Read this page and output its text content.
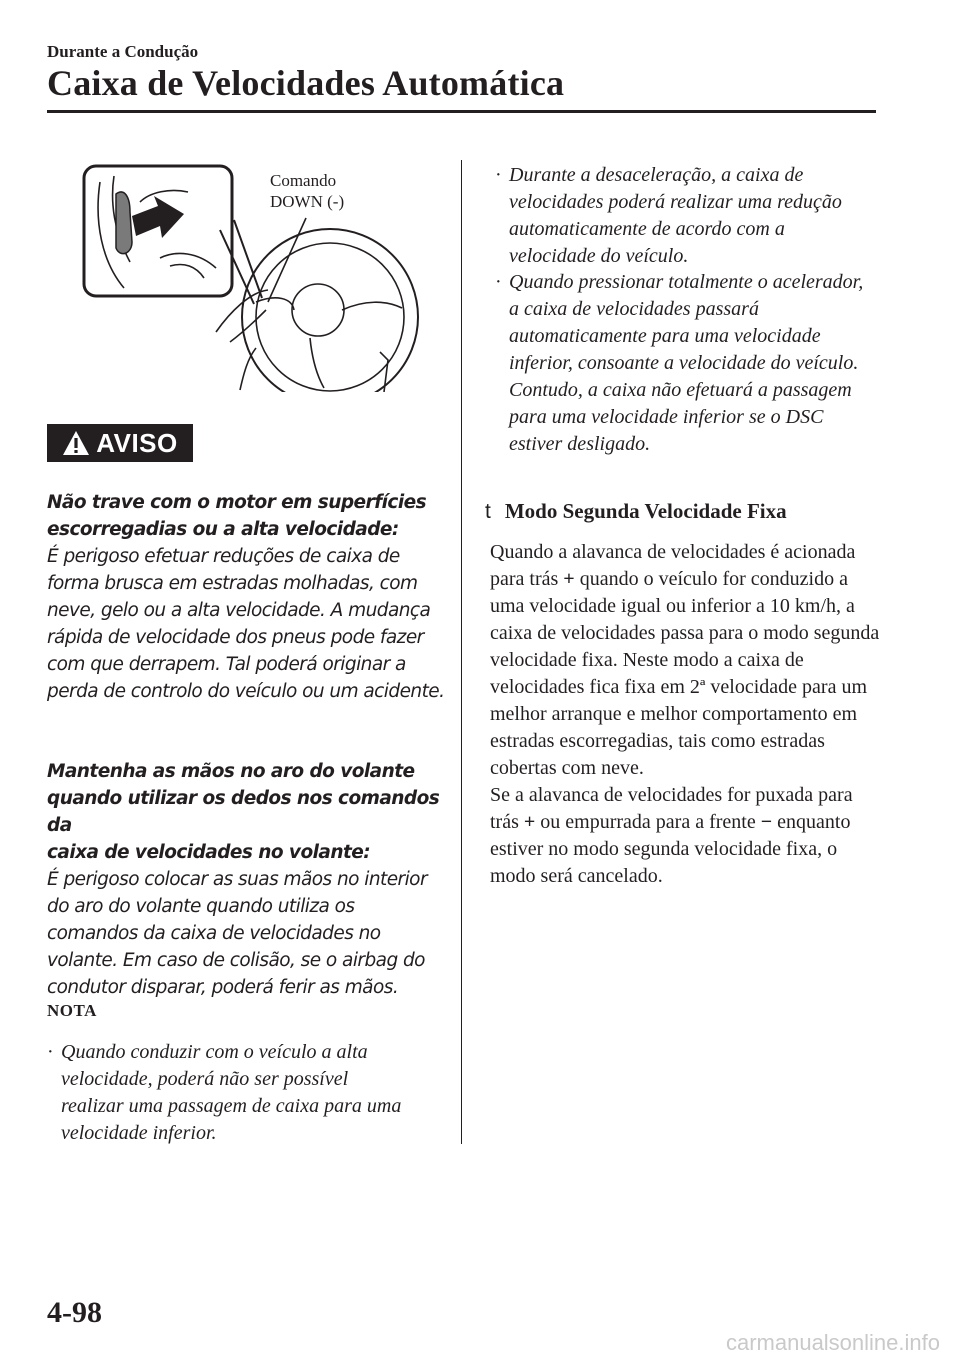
Durante a Condução
Caixa de Velocidades Automática
Comando
DOWN (-)
AVISO
Não trave com o motor em superfícies
escorregadias ou a alta velocidade:
É perigoso efetuar reduções de caixa de forma brusca em estradas molhadas, com neve, gelo ou a alta velocidade. A mudança rápida de velocidade dos pneus pode fazer com que derrapem. Tal poderá originar a perda de controlo do veículo ou um acidente.
Mantenha as mãos no aro do volante
quando utilizar os dedos nos comandos da
caixa de velocidades no volante:
É perigoso colocar as suas mãos no interior do aro do volante quando utiliza os comandos da caixa de velocidades no volante. Em caso de colisão, se o airbag do condutor disparar, poderá ferir as mãos.
NOTA
· Quando conduzir com o veículo a alta velocidade, poderá não ser possível realizar uma passagem de caixa para uma velocidade inferior.
· Durante a desaceleração, a caixa de velocidades poderá realizar uma redução automaticamente de acordo com a velocidade do veículo.
· Quando pressionar totalmente o acelerador, a caixa de velocidades passará automaticamente para uma velocidade inferior, consoante a velocidade do veículo. Contudo, a caixa não efetuará a passagem para uma velocidade inferior se o DSC estiver desligado.
t Modo Segunda Velocidade Fixa
Quando a alavanca de velocidades é acionada para trás + quando o veículo for conduzido a uma velocidade igual ou inferior a 10 km/h, a caixa de velocidades passa para o modo segunda velocidade fixa. Neste modo a caixa de velocidades fica fixa em 2ª velocidade para um melhor arranque e melhor comportamento em estradas escorregadias, tais como estradas cobertas com neve.
Se a alavanca de velocidades for puxada para trás + ou empurrada para a frente − enquanto estiver no modo segunda velocidade fixa, o modo será cancelado.
4-98
carmanualsonline.info
